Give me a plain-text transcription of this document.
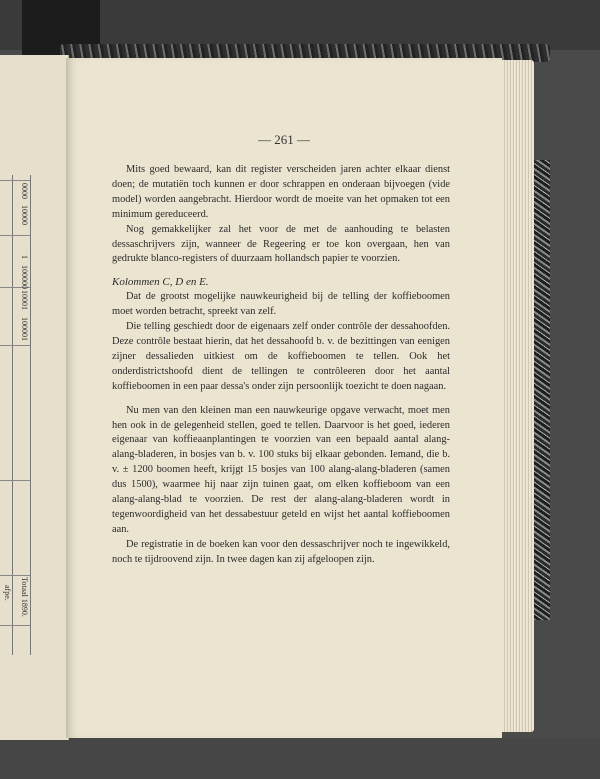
0000
10000
1
100000
10001
100001
Totaal 1890.
afpe.
— 261 —

Mits goed bewaard, kan dit register verscheiden jaren achter elkaar dienst doen; de mutatiën toch kunnen er door schrappen en onderaan bijvoegen (vide model) worden aangebracht. Hierdoor wordt de moeite van het opmaken tot een minimum gereduceerd.

Nog gemakkelijker zal het voor de met de aanhouding te belasten dessaschrijvers zijn, wanneer de Regeering er toe kon overgaan, hen van gedrukte blanco-registers of duurzaam hollandsch papier te voorzien.

Kolommen C, D en E.

Dat de grootst mogelijke nauwkeurigheid bij de telling der koffieboomen moet worden betracht, spreekt van zelf.

Die telling geschiedt door de eigenaars zelf onder contrôle der dessahoofden. Deze contrôle bestaat hierin, dat het dessahoofd b. v. de bezittingen van eenigen zijner dessalieden uitkiest om de koffieboomen te tellen. Ook het onderdistrictshoofd dient de tellingen te contrôleeren door het aantal koffieboomen in een paar dessa's onder zijn persoonlijk toezicht te doen nagaan.

Nu men van den kleinen man een nauwkeurige opgave verwacht, moet men hen ook in de gelegenheid stellen, goed te tellen. Daarvoor is het goed, iederen eigenaar van koffieaanplantingen te voorzien van een bepaald aantal alang-alang-bladeren, in bosjes van b. v. 100 stuks bij elkaar gebonden. Iemand, die b. v. ± 1200 boomen heeft, krijgt 15 bosjes van 100 alang-alang-bladeren (samen dus 1500), waarmee hij naar zijn tuinen gaat, om elken koffieboom van een alang-alang-blad te voorzien. De rest der alang-alang-bladeren wordt in tegenwoordigheid van het dessabestuur geteld en wijst het aantal koffieboomen aan.

De registratie in de boeken kan voor den dessaschrijver noch te ingewikkeld, noch te tijdroovend zijn. In twee dagen kan zij afgeloopen zijn.
